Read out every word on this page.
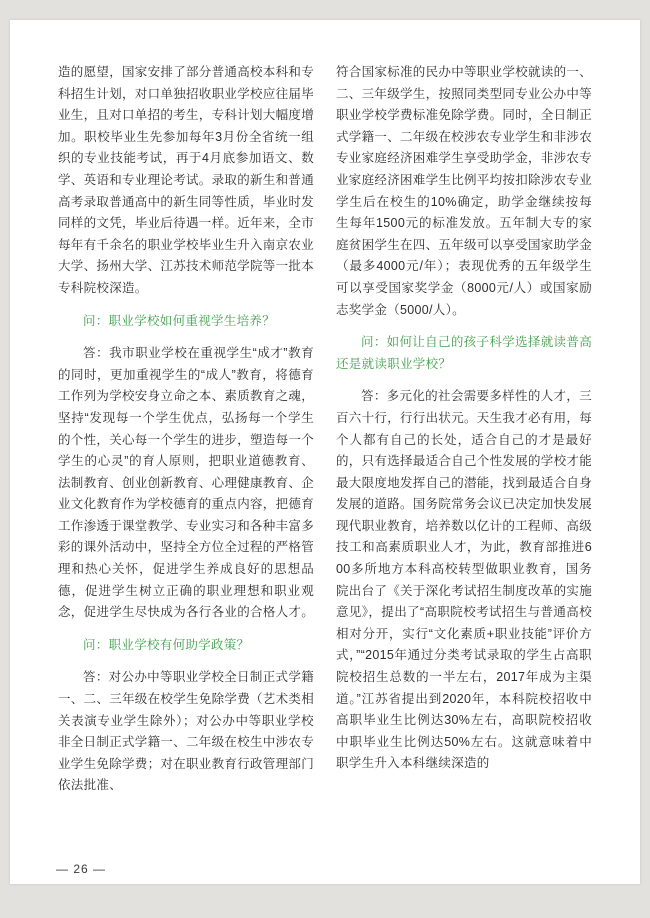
造的愿望，国家安排了部分普通高校本科和专科招生计划，对口单独招收职业学校应往届毕业生，且对口单招的考生，专科计划大幅度增加。职校毕业生先参加每年3月份全省统一组织的专业技能考试，再于4月底参加语文、数学、英语和专业理论考试。录取的新生和普通高考录取普通高中的新生同等性质，毕业时发同样的文凭，毕业后待遇一样。近年来，全市每年有千余名的职业学校毕业生升入南京农业大学、扬州大学、江苏技术师范学院等一批本专科院校深造。

问：职业学校如何重视学生培养？

答：我市职业学校在重视学生“成才”教育的同时，更加重视学生的“成人”教育，将德育工作列为学校安身立命之本、素质教育之魂，坚持“发现每一个学生优点，弘扬每一个学生的个性，关心每一个学生的进步，塑造每一个学生的心灵”的育人原则，把职业道德教育、法制教育、创业创新教育、心理健康教育、企业文化教育作为学校德育的重点内容，把德育工作渗透于课堂教学、专业实习和各种丰富多彩的课外活动中，坚持全方位全过程的严格管理和热心关怀，促进学生养成良好的思想品德，促进学生树立正确的职业理想和职业观念，促进学生尽快成为各行各业的合格人才。

问：职业学校有何助学政策？

答：对公办中等职业学校全日制正式学籍一、二、三年级在校学生免除学费（艺术类相关表演专业学生除外）；对公办中等职业学校非全日制正式学籍一、二年级在校生中涉农专业学生免除学费；对在职业教育行政管理部门依法批准、

符合国家标准的民办中等职业学校就读的一、二、三年级学生，按照同类型同专业公办中等职业学校学费标准免除学费。同时，全日制正式学籍一、二年级在校涉农专业学生和非涉农专业家庭经济困难学生享受助学金，非涉农专业家庭经济困难学生比例平均按扣除涉农专业学生后在校生的10%确定，助学金继续按每生每年1500元的标准发放。五年制大专的家庭贫困学生在四、五年级可以享受国家助学金（最多4000元/年）；表现优秀的五年级学生可以享受国家奖学金（8000元/人）或国家励志奖学金（5000/人）。

问：如何让自己的孩子科学选择就读普高还是就读职业学校？

答：多元化的社会需要多样性的人才，三百六十行，行行出状元。天生我才必有用，每个人都有自己的长处，适合自己的才是最好的，只有选择最适合自己个性发展的学校才能最大限度地发挥自己的潜能，找到最适合自身发展的道路。国务院常务会议已决定加快发展现代职业教育，培养数以亿计的工程师、高级技工和高素质职业人才，为此，教育部推进600多所地方本科高校转型做职业教育，国务院出台了《关于深化考试招生制度改革的实施意见》，提出了“高职院校考试招生与普通高校相对分开，实行“文化素质+职业技能”评价方式，”“2015年通过分类考试录取的学生占高职院校招生总数的一半左右，2017年成为主渠道。”江苏省提出到2020年，本科院校招收中高职毕业生比例达30%左右，高职院校招收中职毕业生比例达50%左右。这就意味着中职学生升入本科继续深造的

— 26 —
